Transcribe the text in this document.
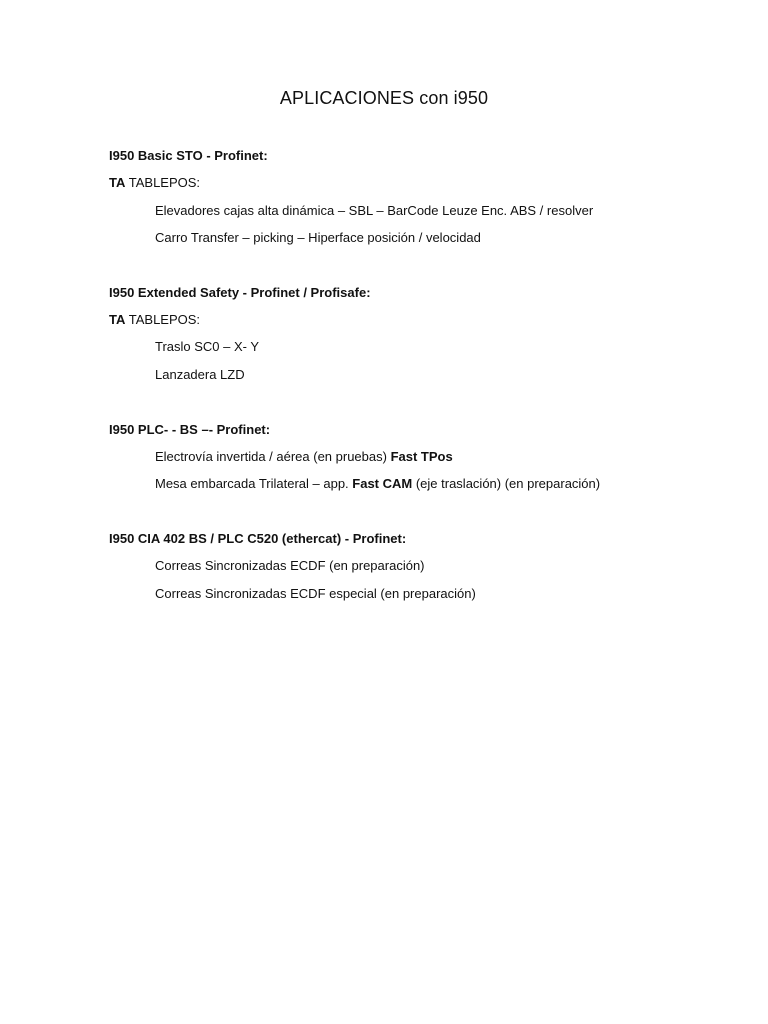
APLICACIONES con i950
I950 Basic STO - Profinet:
TA TABLEPOS:
Elevadores cajas alta dinámica – SBL – BarCode Leuze Enc. ABS / resolver
Carro Transfer – picking – Hiperface posición / velocidad
I950 Extended Safety - Profinet / Profisafe:
TA TABLEPOS:
Traslo SC0 – X- Y
Lanzadera LZD
I950 PLC- - BS –- Profinet:
Electrovía invertida / aérea (en pruebas) Fast TPos
Mesa embarcada Trilateral – app. Fast CAM (eje traslación) (en preparación)
I950 CIA 402 BS / PLC C520 (ethercat) - Profinet:
Correas Sincronizadas ECDF (en preparación)
Correas Sincronizadas ECDF especial (en preparación)
